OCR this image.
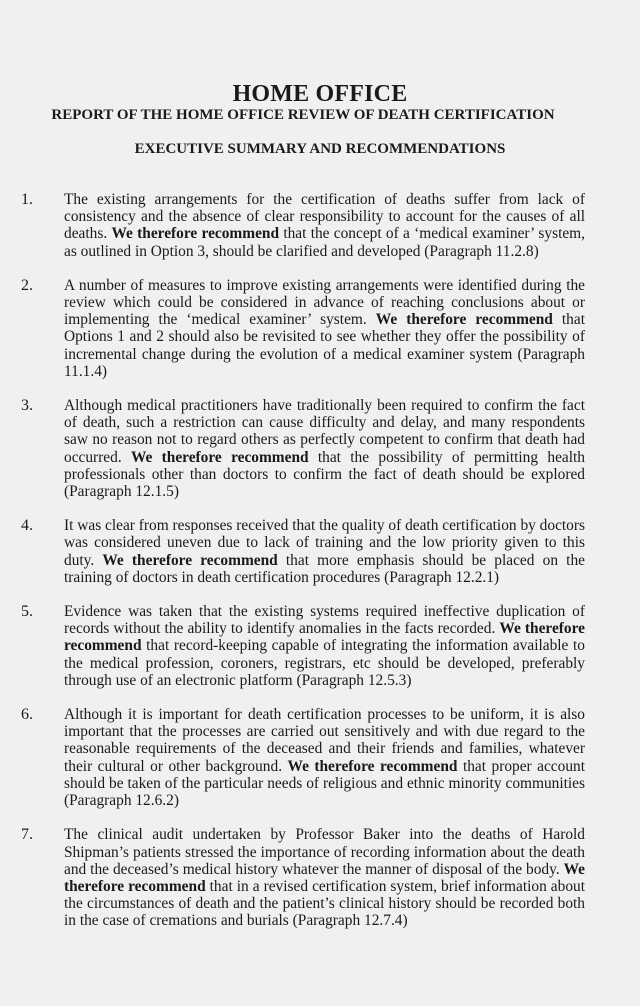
HOME OFFICE
REPORT OF THE HOME OFFICE REVIEW OF DEATH CERTIFICATION
EXECUTIVE SUMMARY AND RECOMMENDATIONS
1. The existing arrangements for the certification of deaths suffer from lack of consistency and the absence of clear responsibility to account for the causes of all deaths. We therefore recommend that the concept of a ‘medical examiner’ system, as outlined in Option 3, should be clarified and developed (Paragraph 11.2.8)
2. A number of measures to improve existing arrangements were identified during the review which could be considered in advance of reaching conclusions about or implementing the ‘medical examiner’ system. We therefore recommend that Options 1 and 2 should also be revisited to see whether they offer the possibility of incremental change during the evolution of a medical examiner system (Paragraph 11.1.4)
3. Although medical practitioners have traditionally been required to confirm the fact of death, such a restriction can cause difficulty and delay, and many respondents saw no reason not to regard others as perfectly competent to confirm that death had occurred. We therefore recommend that the possibility of permitting health professionals other than doctors to confirm the fact of death should be explored (Paragraph 12.1.5)
4. It was clear from responses received that the quality of death certification by doctors was considered uneven due to lack of training and the low priority given to this duty. We therefore recommend that more emphasis should be placed on the training of doctors in death certification procedures (Paragraph 12.2.1)
5. Evidence was taken that the existing systems required ineffective duplication of records without the ability to identify anomalies in the facts recorded. We therefore recommend that record-keeping capable of integrating the information available to the medical profession, coroners, registrars, etc should be developed, preferably through use of an electronic platform (Paragraph 12.5.3)
6. Although it is important for death certification processes to be uniform, it is also important that the processes are carried out sensitively and with due regard to the reasonable requirements of the deceased and their friends and families, whatever their cultural or other background. We therefore recommend that proper account should be taken of the particular needs of religious and ethnic minority communities (Paragraph 12.6.2)
7. The clinical audit undertaken by Professor Baker into the deaths of Harold Shipman’s patients stressed the importance of recording information about the death and the deceased’s medical history whatever the manner of disposal of the body. We therefore recommend that in a revised certification system, brief information about the circumstances of death and the patient’s clinical history should be recorded both in the case of cremations and burials (Paragraph 12.7.4)
